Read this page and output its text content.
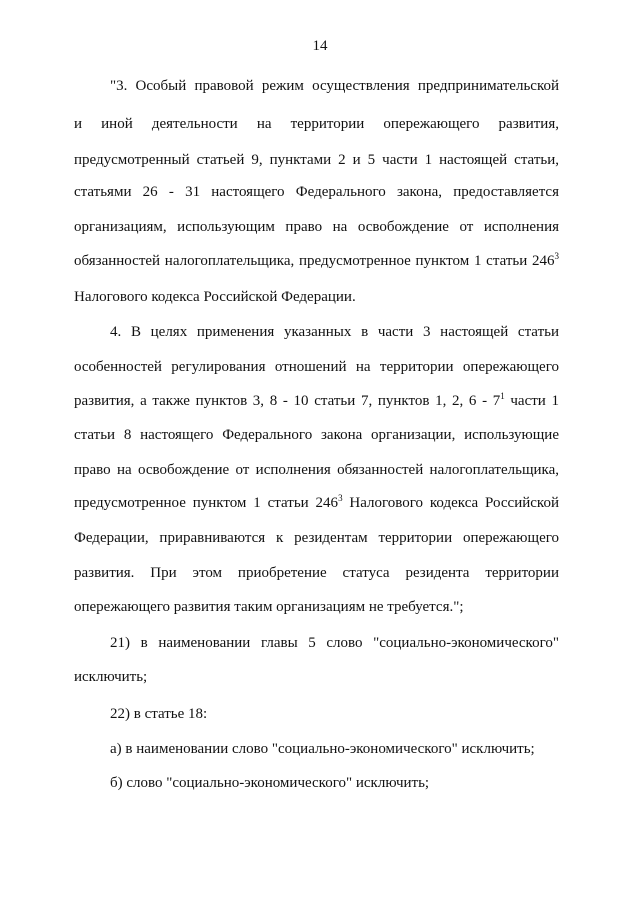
14
"3. Особый правовой режим осуществления предпринимательской
и иной деятельности на территории опережающего развития,
предусмотренный статьей 9, пунктами 2 и 5 части 1 настоящей статьи,
статьями 26 - 31 настоящего Федерального закона, предоставляется
организациям, использующим право на освобождение от исполнения
обязанностей налогоплательщика, предусмотренное пунктом 1 статьи $246^3$
Налогового кодекса Российской Федерации.
4. В целях применения указанных в части 3 настоящей статьи
особенностей регулирования отношений на территории опережающего
развития, а также пунктов 3, 8 - 10 статьи 7, пунктов 1, 2, $6 - 7^1$ части 1
статьи 8 настоящего Федерального закона организации, использующие
право на освобождение от исполнения обязанностей налогоплательщика,
предусмотренное пунктом 1 статьи $246^3$ Налогового кодекса Российской
Федерации, приравниваются к резидентам территории опережающего
развития. При этом приобретение статуса резидента территории
опережающего развития таким организациям не требуется.";
21) в наименовании главы 5 слово "социально-экономического"
исключить;
22) в статье 18:
а) в наименовании слово "социально-экономического" исключить;
б) слово "социально-экономического" исключить;
